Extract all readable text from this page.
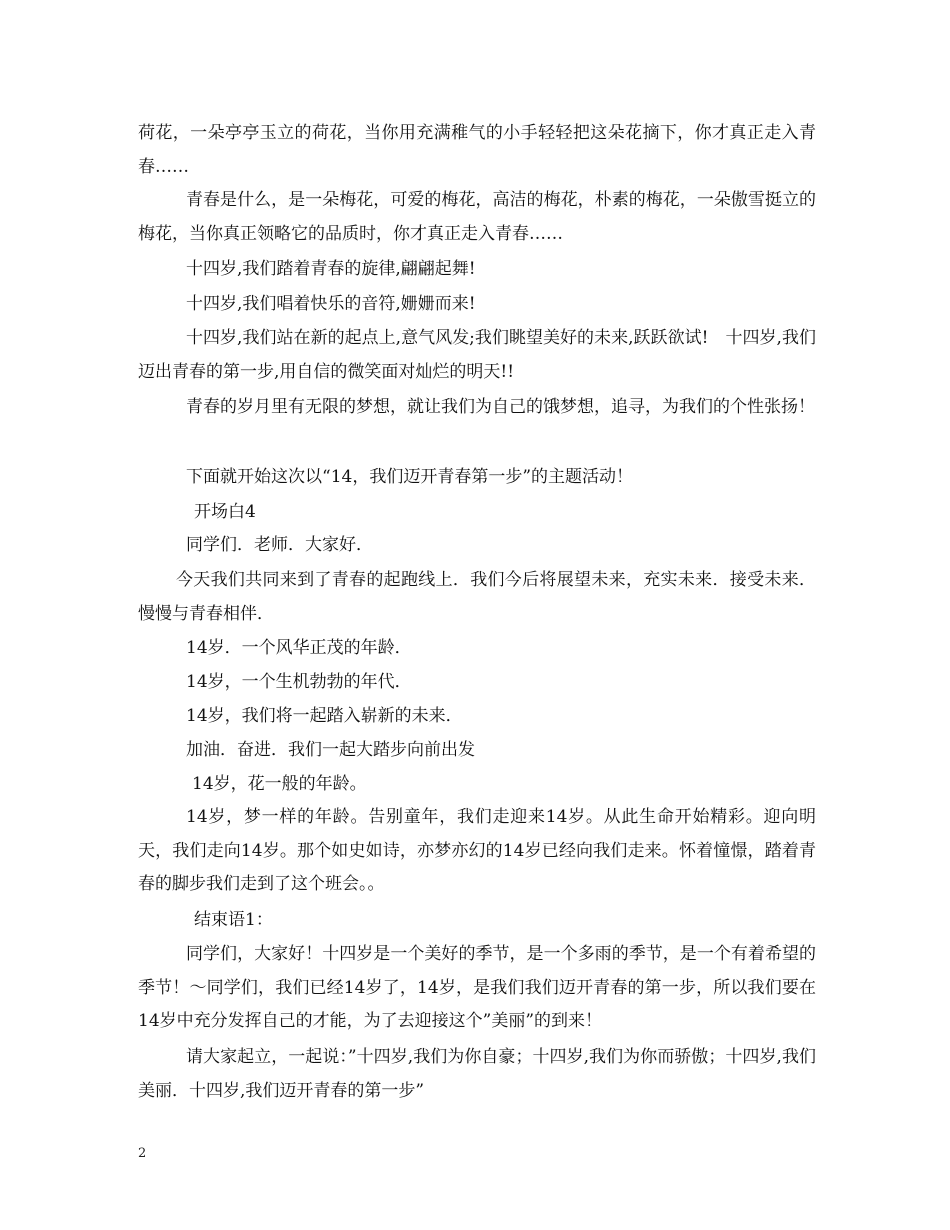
荷花，一朵亭亭玉立的荷花，当你用充满稚气的小手轻轻把这朵花摘下，你才真正走入青春……

青春是什么，是一朵梅花，可爱的梅花，高洁的梅花，朴素的梅花，一朵傲雪挺立的梅花，当你真正领略它的品质时，你才真正走入青春……

十四岁,我们踏着青春的旋律,翩翩起舞!

十四岁,我们唱着快乐的音符,姗姗而来!

十四岁,我们站在新的起点上,意气风发;我们眺望美好的未来,跃跃欲试!　十四岁,我们迈出青春的第一步,用自信的微笑面对灿烂的明天!!

青春的岁月里有无限的梦想，就让我们为自己的饿梦想，追寻，为我们的个性张扬！

下面就开始这次以“14，我们迈开青春第一步”的主题活动！

开场白4

同学们．老师．大家好．

今天我们共同来到了青春的起跑线上．我们今后将展望未来，充实未来．接受未来．慢慢与青春相伴．

14岁．一个风华正茂的年龄．

14岁，一个生机勃勃的年代．

14岁，我们将一起踏入崭新的未来．

加油．奋进．我们一起大踏步向前出发

14岁，花一般的年龄。

14岁，梦一样的年龄。告别童年，我们走迎来14岁。从此生命开始精彩。迎向明天，我们走向14岁。那个如史如诗，亦梦亦幻的14岁已经向我们走来。怀着憧憬，踏着青春的脚步我们走到了这个班会。。

结束语1：

同学们，大家好！十四岁是一个美好的季节，是一个多雨的季节，是一个有着希望的季节！～同学们，我们已经14岁了，14岁，是我们我们迈开青春的第一步，所以我们要在14岁中充分发挥自己的才能，为了去迎接这个”美丽”的到来！

请大家起立，一起说：”十四岁,我们为你自豪；十四岁,我们为你而骄傲；十四岁,我们美丽．十四岁,我们迈开青春的第一步”

2
